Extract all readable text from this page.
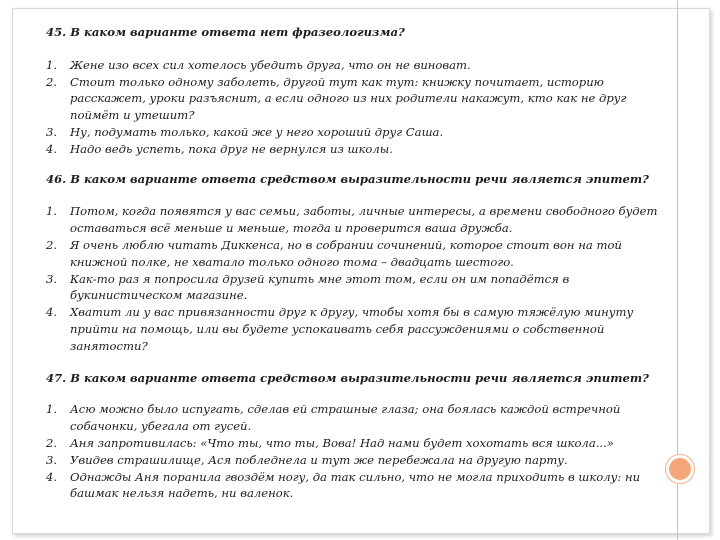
45. В каком варианте ответа нет фразеологизма?

1.	Жене изо всех сил хотелось убедить друга, что он не виноват.
2.	Стоит только одному заболеть, другой тут как тут: книжку почитает, историю расскажет, уроки разъяснит, а если одного из них родители накажут, кто как не друг поймёт и утешит?
3.	Ну, подумать только, какой же у него хороший друг Саша.
4.	Надо ведь успеть, пока друг не вернулся из школы.

46. В каком варианте ответа средством выразительности речи является эпитет?

1.	Потом, когда появятся у вас семьи, заботы, личные интересы, а времени свободного будет оставаться всё меньше и меньше, тогда и проверится ваша дружба.
2.	Я очень люблю читать Диккенса, но в собрании сочинений, которое стоит вон на той книжной полке, не хватало только одного тома – двадцать шестого.
3.	Как-то раз я попросила друзей купить мне этот том, если он им попадётся в букинистическом магазине.
4.	Хватит ли у вас привязанности друг к другу, чтобы хотя бы в самую тяжёлую минуту прийти на помощь, или вы будете успокаивать себя рассуждениями о собственной занятости?

47. В каком варианте ответа средством выразительности речи является эпитет?

1.	Асю можно было испугать, сделав ей страшные глаза; она боялась каждой встречной собачонки, убегала от гусей.
2.	Аня запротивилась: «Что ты, что ты, Вова! Над нами будет хохотать вся школа...»
3.	Увидев страшилище, Ася побледнела и тут же перебежала на другую парту.
4.	Однажды Аня поранила гвоздём ногу, да так сильно, что не могла приходить в школу: ни башмак нельзя надеть, ни валенок.
